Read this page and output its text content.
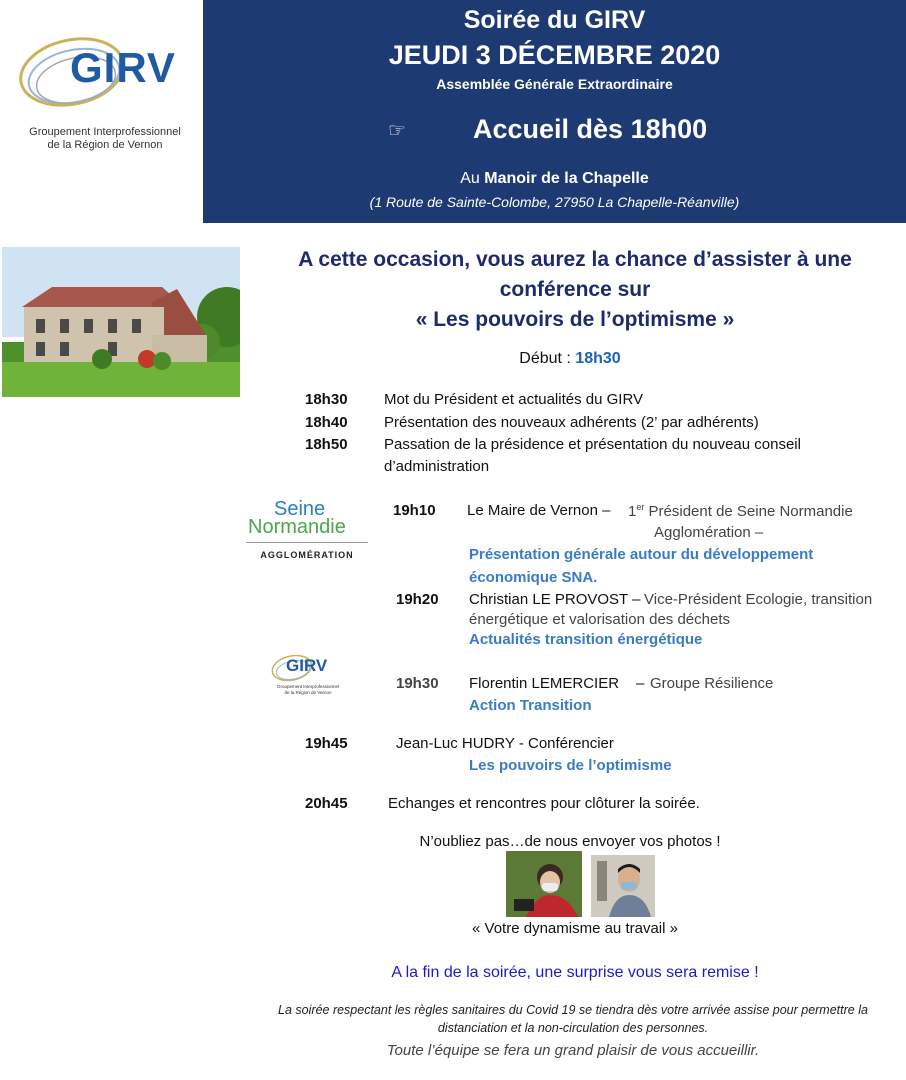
GIRV
Groupement Interprofessionnel
de la Région de Vernon
Soirée du GIRV
JEUDI 3 DÉCEMBRE 2020
Assemblée Générale Extraordinaire
☞ Accueil dès 18h00
Au Manoir de la Chapelle
(1 Route de Sainte-Colombe, 27950 La Chapelle-Réanville)
A cette occasion, vous aurez la chance d’assister à une
conférence sur
« Les pouvoirs de l’optimisme »
Début : 18h30
18h30 Mot du Président et actualités du GIRV
18h40 Présentation des nouveaux adhérents (2’ par adhérents)
18h50 Passation de la présidence et présentation du nouveau conseil
d’administration
Seine
Normandie
AGGLOMÉRATION
19h10 Le Maire de Vernon – 1er Président de Seine Normandie
Agglomération –
Présentation générale autour du développement
économique SNA.
19h20 Christian LE PROVOST – Vice-Président Ecologie, transition
énergétique et valorisation des déchets
Actualités transition énergétique
GIRV
Groupement Interprofessionnel
de la Région de Vernon
19h30 Florentin LEMERCIER – Groupe Résilience
Action Transition
19h45	Jean-Luc HUDRY - Conférencier
Les pouvoirs de l’optimisme
20h45	Echanges et rencontres pour clôturer la soirée.
N’oubliez pas…de nous envoyer vos photos !
« Votre dynamisme au travail »
A la fin de la soirée, une surprise vous sera remise !
La soirée respectant les règles sanitaires du Covid 19 se tiendra dès votre arrivée assise pour permettre la
distanciation et la non-circulation des personnes.
Toute l’équipe se fera un grand plaisir de vous accueillir.
